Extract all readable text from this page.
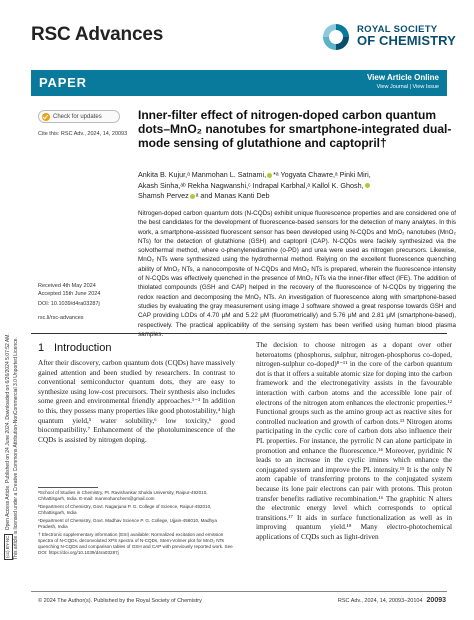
(cc) BY-NC Open Access Article. Published on 24 June 2024. Downloaded on 6/26/2024 5:07:52 AM. This article is licensed under a Creative Commons Attribution-NonCommercial 3.0 Unported Licence.
RSC Advances	ROYAL SOCIETY
OF CHEMISTRY
PAPER	View Article Online
View Journal | View Issue
Check for updates
Cite this: RSC Adv., 2024, 14, 20093
Inner-filter effect of nitrogen-doped carbon quantum dots–MnO₂ nanotubes for smartphone-integrated dual-mode sensing of glutathione and captopril†
Ankita B. Kujur,ᵃ Manmohan L. Satnami, *ᵃ Yogyata Chawre,ᵃ Pinki Miri,
Akash Sinha,ᵃᵇ Rekha Nagwanshi,ᶜ Indrapal Karbhal,ᵃ Kallol K. Ghosh,
Shamsh Pervez ᵃ and Manas Kanti Deb
Nitrogen-doped carbon quantum dots (N-CQDs) exhibit unique fluorescence properties and are considered one of the best candidates for the development of fluorescence-based sensors for the detection of many analytes. In this work, a smartphone-assisted fluorescent sensor has been developed using N-CQDs and MnO₂ nanotubes (MnO₂ NTs) for the detection of glutathione (GSH) and captopril (CAP). N-CQDs were facilely synthesized via the solvothermal method, where o-phenylenediamine (o-PD) and urea were used as nitrogen precursors. Likewise, MnO₂ NTs were synthesized using the hydrothermal method. Relying on the excellent fluorescence quenching ability of MnO₂ NTs, a nanocomposite of N-CQDs and MnO₂ NTs is prepared, wherein the fluorescence intensity of N-CQDs was effectively quenched in the presence of MnO₂ NTs via the inner-filter effect (IFE). The addition of thiolated compounds (GSH and CAP) helped in the recovery of the fluorescence of N-CQDs by triggering the redox reaction and decomposing the MnO₂ NTs. An investigation of fluorescence along with smartphone-based studies by evaluating the gray measurement using image J software showed a great response towards GSH and CAP providing LODs of 4.70 μM and 5.22 μM (fluorometrically) and 5.76 μM and 2.81 μM (smartphone-based), respectively. The practical applicability of the sensing system has been verified using human blood plasma samples.
Received 4th May 2024
Accepted 15th June 2024
DOI: 10.1039/d4ra03287j
rsc.li/rsc-advances
1 Introduction
After their discovery, carbon quantum dots (CQDs) have massively gained attention and been studied by researchers. In contrast to conventional semiconductor quantum dots, they are easy to synthesize using low-cost precursors. Their synthesis also includes some green and environmental friendly approaches.¹⁻³ In addition to this, they possess many properties like good photostability,⁴ high quantum yield,⁵ water solubility,⁶ low toxicity,⁶ good biocompatibility.⁷ Enhancement of the photoluminescence of the CQDs is assisted by nitrogen doping.
The decision to choose nitrogen as a dopant over other heteroatoms (phosphorus, sulphur, nitrogen-phosphorus co-doped, nitrogen-sulphur co-doped)⁸⁻¹¹ in the core of the carbon quantum dot is that it offers a suitable atomic size for doping into the carbon framework and the electronegativity assists in the favourable interaction with carbon atoms and the accessible lone pair of electrons of the nitrogen atom enhances the electronic properties.¹² Functional groups such as the amino group act as reactive sites for controlled nucleation and growth of carbon dots.¹³ Nitrogen atoms participating in the cyclic core of carbon dots also influence their PL properties. For instance, the pyrrolic N can alone participate in promotion and enhance the fluorescence.¹⁴ Moreover, pyridinic N leads to an increase in the cyclic imines which enhance the conjugated system and improve the PL intensity.¹⁵ It is the only N atom capable of transferring protons to the conjugated system because its lone pair electrons can pair with protons. This proton transfer benefits radiative recombination.¹⁶ The graphitic N alters the electronic energy level which corresponds to optical transitions.¹⁷ It aids in surface functionalization as well as in improving quantum yield.¹⁸ Many electro-photochemical applications of CQDs such as light-driven

ᵃSchool of Studies in Chemistry, Pt. Ravishankar Shukla University, Raipur-492010, Chhattisgarh, India. E-mail: manmohanchem@gmail.com

ᵇDepartment of Chemistry, Govt. Nagarjuna P. G. College of Science, Raipur-492010, Chhattisgarh, India

ᶜDepartment of Chemistry, Govt. Madhav Science P. G. College, Ujjain-456010, Madhya Pradesh, India

† Electronic supplementary information (ESI) available: Normalized excitation and emission spectra of N-CQDs, deconvoluted XPS spectra of N-CQDs, Stern-Volmer plot for MnO₂ NTs quenching N-CQDs and comparison tables of GSH and CAP with previously reported work. See DOI: https://doi.org/10.1039/d4ra03287j

© 2024 The Author(s). Published by the Royal Society of Chemistry	RSC Adv., 2024, 14, 20093–20104 20093
